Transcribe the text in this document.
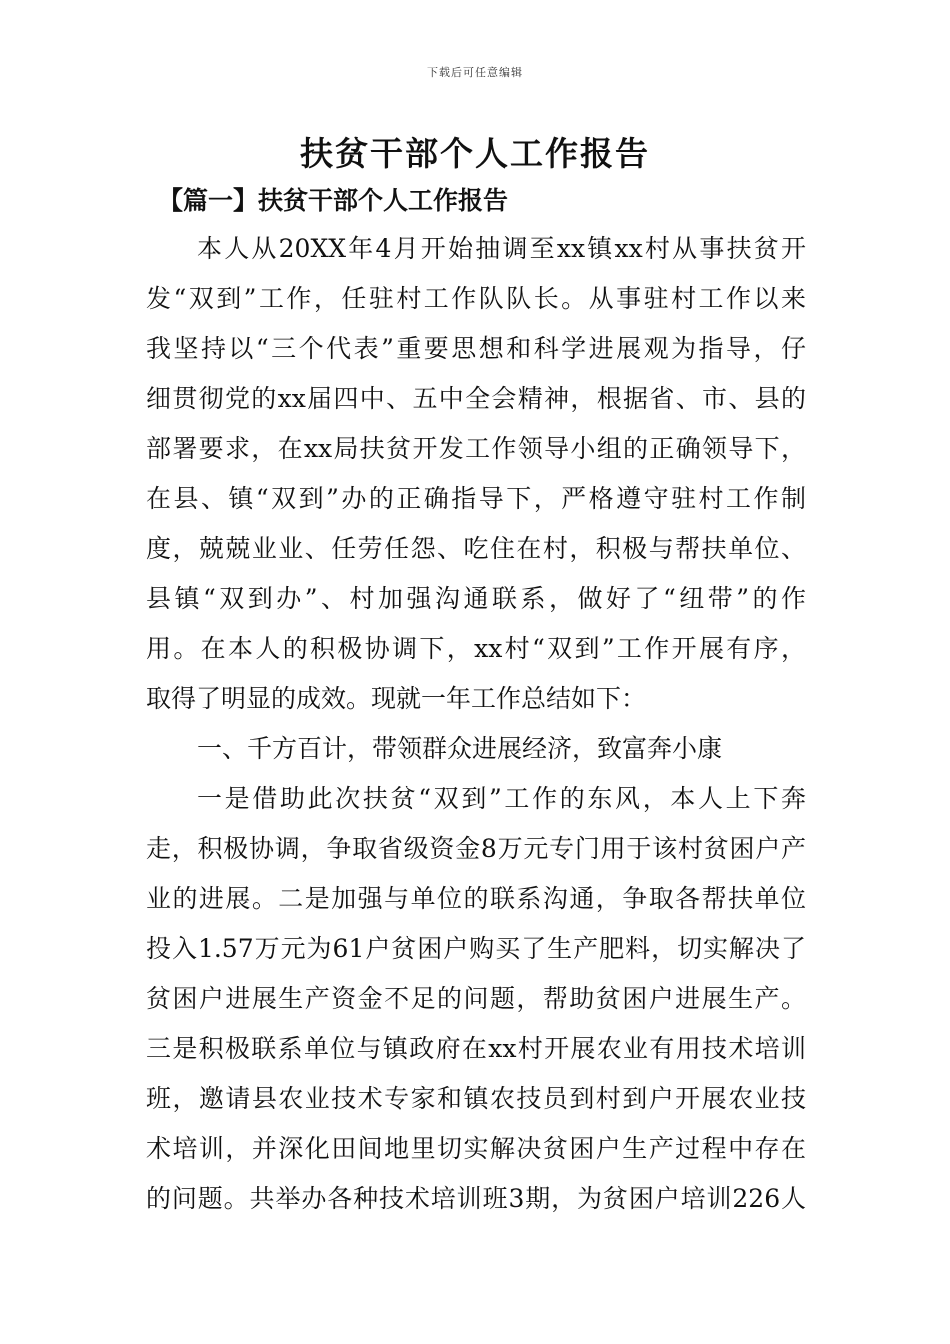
下载后可任意编辑
扶贫干部个人工作报告
【篇一】扶贫干部个人工作报告
本人从20XX年4月开始抽调至xx镇xx村从事扶贫开
发“双到”工作，任驻村工作队队长。从事驻村工作以来
我坚持以“三个代表”重要思想和科学进展观为指导，仔
细贯彻党的xx届四中、五中全会精神，根据省、市、县的
部署要求，在xx局扶贫开发工作领导小组的正确领导下，
在县、镇“双到”办的正确指导下，严格遵守驻村工作制
度，兢兢业业、任劳任怨、吃住在村，积极与帮扶单位、
县镇“双到办”、村加强沟通联系，做好了“纽带”的作
用。在本人的积极协调下，xx村“双到”工作开展有序，
取得了明显的成效。现就一年工作总结如下：
一、千方百计，带领群众进展经济，致富奔小康
一是借助此次扶贫“双到”工作的东风，本人上下奔
走，积极协调，争取省级资金8万元专门用于该村贫困户产
业的进展。二是加强与单位的联系沟通，争取各帮扶单位
投入1.57万元为61户贫困户购买了生产肥料，切实解决了
贫困户进展生产资金不足的问题，帮助贫困户进展生产。
三是积极联系单位与镇政府在xx村开展农业有用技术培训
班，邀请县农业技术专家和镇农技员到村到户开展农业技
术培训，并深化田间地里切实解决贫困户生产过程中存在
的问题。共举办各种技术培训班3期，为贫困户培训226人
